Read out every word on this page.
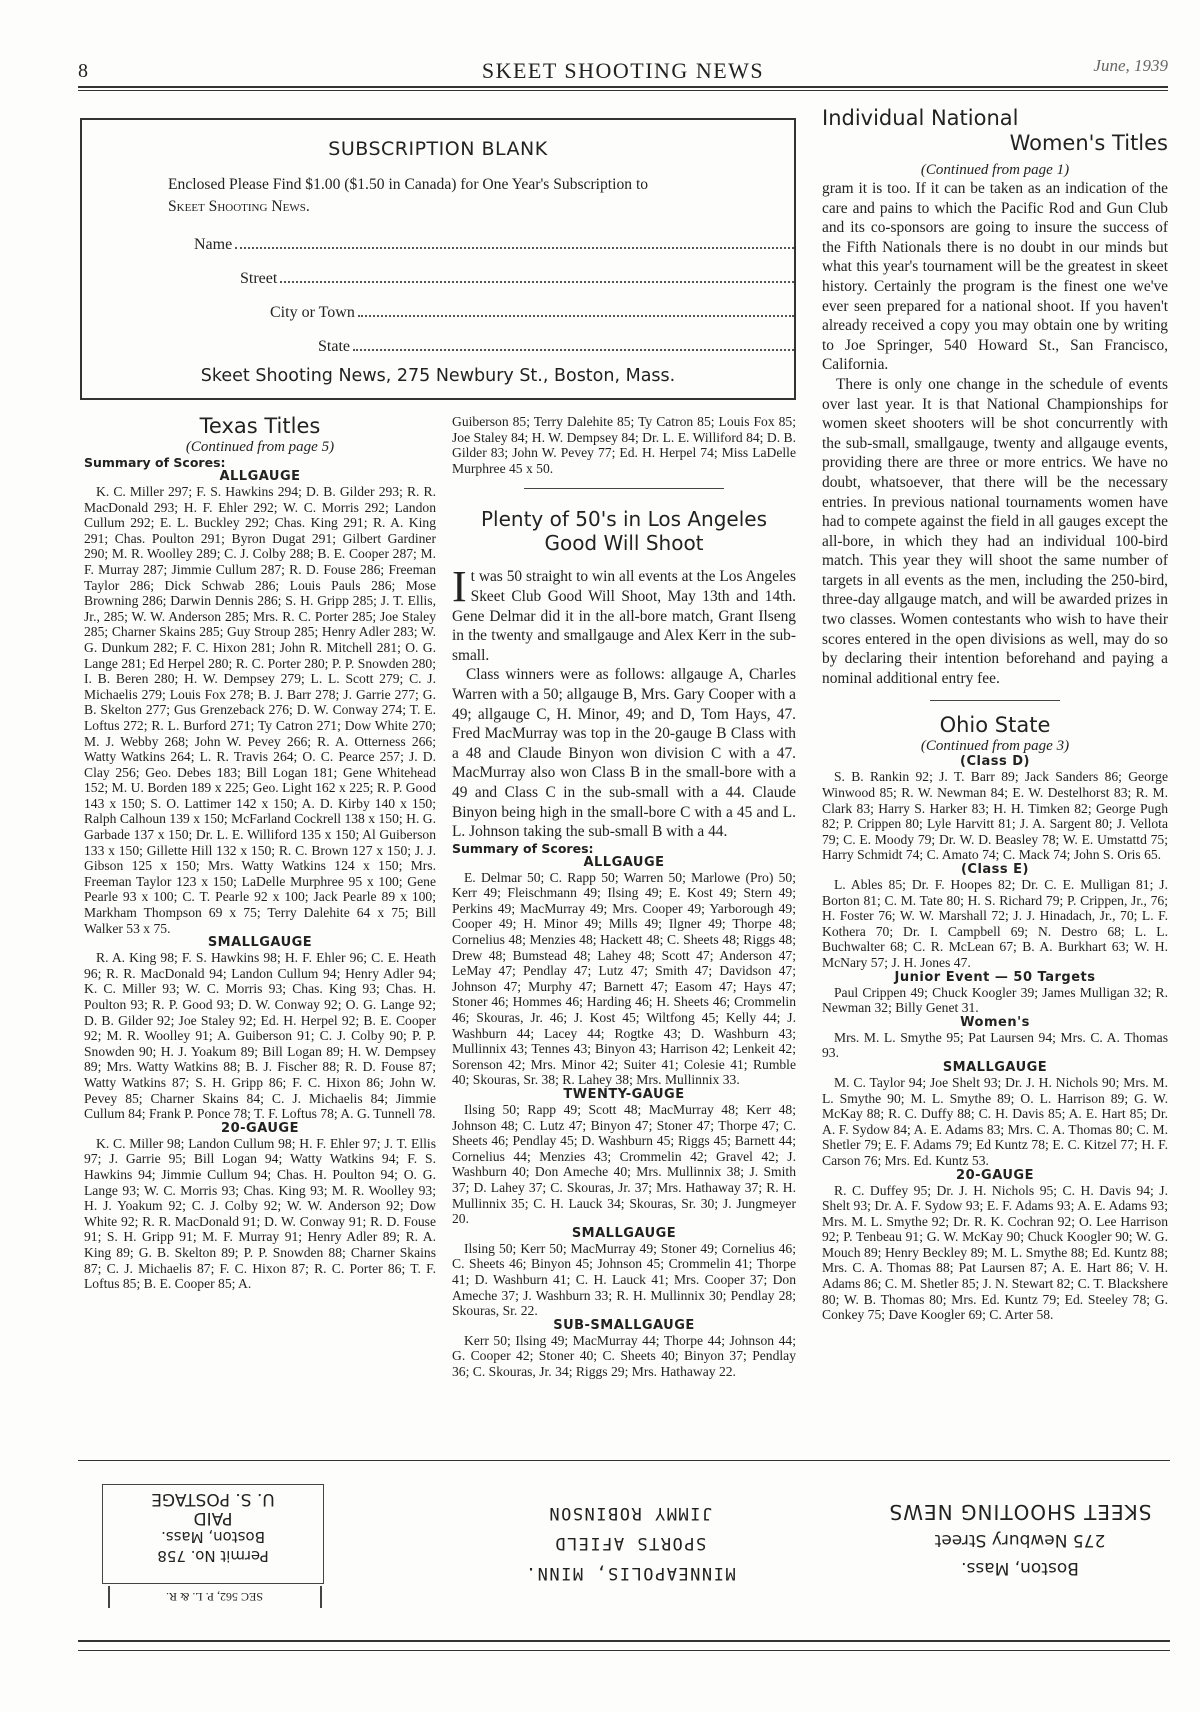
8	SKEET SHOOTING NEWS	June, 1939
SUBSCRIPTION BLANK
Enclosed Please Find $1.00 ($1.50 in Canada) for One Year's Subscription to
Skeet Shooting News.
Name
Street
City or Town
State
Skeet Shooting News, 275 Newbury St., Boston, Mass.
Texas Titles

(Continued from page 5)

Summary of Scores:

ALLGAUGE

K. C. Miller 297; F. S. Hawkins 294; D. B. Gilder 293; R. R. MacDonald 293; H. F. Ehler 292; W. C. Morris 292; Landon Cullum 292; E. L. Buckley 292; Chas. King 291; R. A. King 291; Chas. Poulton 291; Byron Dugat 291; Gilbert Gardiner 290; M. R. Woolley 289; C. J. Colby 288; B. E. Cooper 287; M. F. Murray 287; Jimmie Cullum 287; R. D. Fouse 286; Freeman Taylor 286; Dick Schwab 286; Louis Pauls 286; Mose Browning 286; Darwin Dennis 286; S. H. Gripp 285; J. T. Ellis, Jr., 285; W. W. Anderson 285; Mrs. R. C. Porter 285; Joe Staley 285; Charner Skains 285; Guy Stroup 285; Henry Adler 283; W. G. Dunkum 282; F. C. Hixon 281; John R. Mitchell 281; O. G. Lange 281; Ed Herpel 280; R. C. Porter 280; P. P. Snowden 280; I. B. Beren 280; H. W. Dempsey 279; L. L. Scott 279; C. J. Michaelis 279; Louis Fox 278; B. J. Barr 278; J. Garrie 277; G. B. Skelton 277; Gus Grenzeback 276; D. W. Conway 274; T. E. Loftus 272; R. L. Burford 271; Ty Catron 271; Dow White 270; M. J. Webby 268; John W. Pevey 266; R. A. Otterness 266; Watty Watkins 264; L. R. Travis 264; O. C. Pearce 257; J. D. Clay 256; Geo. Debes 183; Bill Logan 181; Gene Whitehead 152; M. U. Borden 189 x 225; Geo. Light 162 x 225; R. P. Good 143 x 150; S. O. Lattimer 142 x 150; A. D. Kirby 140 x 150; Ralph Calhoun 139 x 150; McFarland Cockrell 138 x 150; H. G. Garbade 137 x 150; Dr. L. E. Williford 135 x 150; Al Guiberson 133 x 150; Gillette Hill 132 x 150; R. C. Brown 127 x 150; J. J. Gibson 125 x 150; Mrs. Watty Watkins 124 x 150; Mrs. Freeman Taylor 123 x 150; LaDelle Murphree 95 x 100; Gene Pearle 93 x 100; C. T. Pearle 92 x 100; Jack Pearle 89 x 100; Markham Thompson 69 x 75; Terry Dalehite 64 x 75; Bill Walker 53 x 75.

SMALLGAUGE

R. A. King 98; F. S. Hawkins 98; H. F. Ehler 96; C. E. Heath 96; R. R. MacDonald 94; Landon Cullum 94; Henry Adler 94; K. C. Miller 93; W. C. Morris 93; Chas. King 93; Chas. H. Poulton 93; R. P. Good 93; D. W. Conway 92; O. G. Lange 92; D. B. Gilder 92; Joe Staley 92; Ed. H. Herpel 92; B. E. Cooper 92; M. R. Woolley 91; A. Guiberson 91; C. J. Colby 90; P. P. Snowden 90; H. J. Yoakum 89; Bill Logan 89; H. W. Dempsey 89; Mrs. Watty Watkins 88; B. J. Fischer 88; R. D. Fouse 87; Watty Watkins 87; S. H. Gripp 86; F. C. Hixon 86; John W. Pevey 85; Charner Skains 84; C. J. Michaelis 84; Jimmie Cullum 84; Frank P. Ponce 78; T. F. Loftus 78; A. G. Tunnell 78.

20-GAUGE

K. C. Miller 98; Landon Cullum 98; H. F. Ehler 97; J. T. Ellis 97; J. Garrie 95; Bill Logan 94; Watty Watkins 94; F. S. Hawkins 94; Jimmie Cullum 94; Chas. H. Poulton 94; O. G. Lange 93; W. C. Morris 93; Chas. King 93; M. R. Woolley 93; H. J. Yoakum 92; C. J. Colby 92; W. W. Anderson 92; Dow White 92; R. R. MacDonald 91; D. W. Conway 91; R. D. Fouse 91; S. H. Gripp 91; M. F. Murray 91; Henry Adler 89; R. A. King 89; G. B. Skelton 89; P. P. Snowden 88; Charner Skains 87; C. J. Michaelis 87; F. C. Hixon 87; R. C. Porter 86; T. F. Loftus 85; B. E. Cooper 85; A.

Guiberson 85; Terry Dalehite 85; Ty Catron 85; Louis Fox 85; Joe Staley 84; H. W. Dempsey 84; Dr. L. E. Williford 84; D. B. Gilder 83; John W. Pevey 77; Ed. H. Herpel 74; Miss LaDelle Murphree 45 x 50.

Plenty of 50's in Los Angeles Good Will Shoot

It was 50 straight to win all events at the Los Angeles Skeet Club Good Will Shoot, May 13th and 14th. Gene Delmar did it in the all-bore match, Grant Ilseng in the twenty and smallgauge and Alex Kerr in the sub-small.

Class winners were as follows: allgauge A, Charles Warren with a 50; allgauge B, Mrs. Gary Cooper with a 49; allgauge C, H. Minor, 49; and D, Tom Hays, 47. Fred MacMurray was top in the 20-gauge B Class with a 48 and Claude Binyon won division C with a 47. MacMurray also won Class B in the small-bore with a 49 and Class C in the sub-small with a 44. Claude Binyon being high in the small-bore C with a 45 and L. L. Johnson taking the sub-small B with a 44.

Summary of Scores:

ALLGAUGE

E. Delmar 50; C. Rapp 50; Warren 50; Marlowe (Pro) 50; Kerr 49; Fleischmann 49; Ilsing 49; E. Kost 49; Stern 49; Perkins 49; MacMurray 49; Mrs. Cooper 49; Yarborough 49; Cooper 49; H. Minor 49; Mills 49; Ilgner 49; Thorpe 48; Cornelius 48; Menzies 48; Hackett 48; C. Sheets 48; Riggs 48; Drew 48; Bumstead 48; Lahey 48; Scott 47; Anderson 47; LeMay 47; Pendlay 47; Lutz 47; Smith 47; Davidson 47; Johnson 47; Murphy 47; Barnett 47; Easom 47; Hays 47; Stoner 46; Hommes 46; Harding 46; H. Sheets 46; Crommelin 46; Skouras, Jr. 46; J. Kost 45; Wiltfong 45; Kelly 44; J. Washburn 44; Lacey 44; Rogtke 43; D. Washburn 43; Mullinnix 43; Tennes 43; Binyon 43; Harrison 42; Lenkeit 42; Sorenson 42; Mrs. Minor 42; Suiter 41; Colesie 41; Rumble 40; Skouras, Sr. 38; R. Lahey 38; Mrs. Mullinnix 33.

TWENTY-GAUGE

Ilsing 50; Rapp 49; Scott 48; MacMurray 48; Kerr 48; Johnson 48; C. Lutz 47; Binyon 47; Stoner 47; Thorpe 47; C. Sheets 46; Pendlay 45; D. Washburn 45; Riggs 45; Barnett 44; Cornelius 44; Menzies 43; Crommelin 42; Gravel 42; J. Washburn 40; Don Ameche 40; Mrs. Mullinnix 38; J. Smith 37; D. Lahey 37; C. Skouras, Jr. 37; Mrs. Hathaway 37; R. H. Mullinnix 35; C. H. Lauck 34; Skouras, Sr. 30; J. Jungmeyer 20.

SMALLGAUGE

Ilsing 50; Kerr 50; MacMurray 49; Stoner 49; Cornelius 46; C. Sheets 46; Binyon 45; Johnson 45; Crommelin 41; Thorpe 41; D. Washburn 41; C. H. Lauck 41; Mrs. Cooper 37; Don Ameche 37; J. Washburn 33; R. H. Mullinnix 30; Pendlay 28; Skouras, Sr. 22.

SUB-SMALLGAUGE

Kerr 50; Ilsing 49; MacMurray 44; Thorpe 44; Johnson 44; G. Cooper 42; Stoner 40; C. Sheets 40; Binyon 37; Pendlay 36; C. Skouras, Jr. 34; Riggs 29; Mrs. Hathaway 22.

Individual National
Women's Titles

(Continued from page 1)

gram it is too. If it can be taken as an indication of the care and pains to which the Pacific Rod and Gun Club and its co-sponsors are going to insure the success of the Fifth Nationals there is no doubt in our minds but what this year's tournament will be the greatest in skeet history. Certainly the program is the finest one we've ever seen prepared for a national shoot. If you haven't already received a copy you may obtain one by writing to Joe Springer, 540 Howard St., San Francisco, California.

There is only one change in the schedule of events over last year. It is that National Championships for women skeet shooters will be shot concurrently with the sub-small, smallgauge, twenty and allgauge events, providing there are three or more entrics. We have no doubt, whatsoever, that there will be the necessary entries. In previous national tournaments women have had to compete against the field in all gauges except the all-bore, in which they had an individual 100-bird match. This year they will shoot the same number of targets in all events as the men, including the 250-bird, three-day allgauge match, and will be awarded prizes in two classes. Women contestants who wish to have their scores entered in the open divisions as well, may do so by declaring their intention beforehand and paying a nominal additional entry fee.

Ohio State

(Continued from page 3)

(Class D)

S. B. Rankin 92; J. T. Barr 89; Jack Sanders 86; George Winwood 85; R. W. Newman 84; E. W. Destelhorst 83; R. M. Clark 83; Harry S. Harker 83; H. H. Timken 82; George Pugh 82; P. Crippen 80; Lyle Harvitt 81; J. A. Sargent 80; J. Vellota 79; C. E. Moody 79; Dr. W. D. Beasley 78; W. E. Umstattd 75; Harry Schmidt 74; C. Amato 74; C. Mack 74; John S. Oris 65.

(Class E)

L. Ables 85; Dr. F. Hoopes 82; Dr. C. E. Mulligan 81; J. Borton 81; C. M. Tate 80; H. S. Richard 79; P. Crippen, Jr., 76; H. Foster 76; W. W. Marshall 72; J. J. Hinadach, Jr., 70; L. F. Kothera 70; Dr. I. Campbell 69; N. Destro 68; L. L. Buchwalter 68; C. R. McLean 67; B. A. Burkhart 63; W. H. McNary 57; J. H. Jones 47.

Junior Event — 50 Targets

Paul Crippen 49; Chuck Koogler 39; James Mulligan 32; R. Newman 32; Billy Genet 31.

Women's

Mrs. M. L. Smythe 95; Pat Laursen 94; Mrs. C. A. Thomas 93.

SMALLGAUGE

M. C. Taylor 94; Joe Shelt 93; Dr. J. H. Nichols 90; Mrs. M. L. Smythe 90; M. L. Smythe 89; O. L. Harrison 89; G. W. McKay 88; R. C. Duffy 88; C. H. Davis 85; A. E. Hart 85; Dr. A. F. Sydow 84; A. E. Adams 83; Mrs. C. A. Thomas 80; C. M. Shetler 79; E. F. Adams 79; Ed Kuntz 78; E. C. Kitzel 77; H. F. Carson 76; Mrs. Ed. Kuntz 53.

20-GAUGE

R. C. Duffey 95; Dr. J. H. Nichols 95; C. H. Davis 94; J. Shelt 93; Dr. A. F. Sydow 93; E. F. Adams 93; A. E. Adams 93; Mrs. M. L. Smythe 92; Dr. R. K. Cochran 92; O. Lee Harrison 92; P. Tenbeau 91; G. W. McKay 90; Chuck Koogler 90; W. G. Mouch 89; Henry Beckley 89; M. L. Smythe 88; Ed. Kuntz 88; Mrs. C. A. Thomas 88; Pat Laursen 87; A. E. Hart 86; V. H. Adams 86; C. M. Shetler 85; J. N. Stewart 82; C. T. Blackshere 80; W. B. Thomas 80; Mrs. Ed. Kuntz 79; Ed. Steeley 78; G. Conkey 75; Dave Koogler 69; C. Arter 58.

Permit No. 758
Boston, Mass.
PAID
U. S. POSTAGE
SEC 562, P. L. & R.
MINNEAPOLIS, MINN.
SPORTS AFIELD
JIMMY ROBINSON
Boston, Mass.
275 Newbury Street
SKEET SHOOTING NEWS
